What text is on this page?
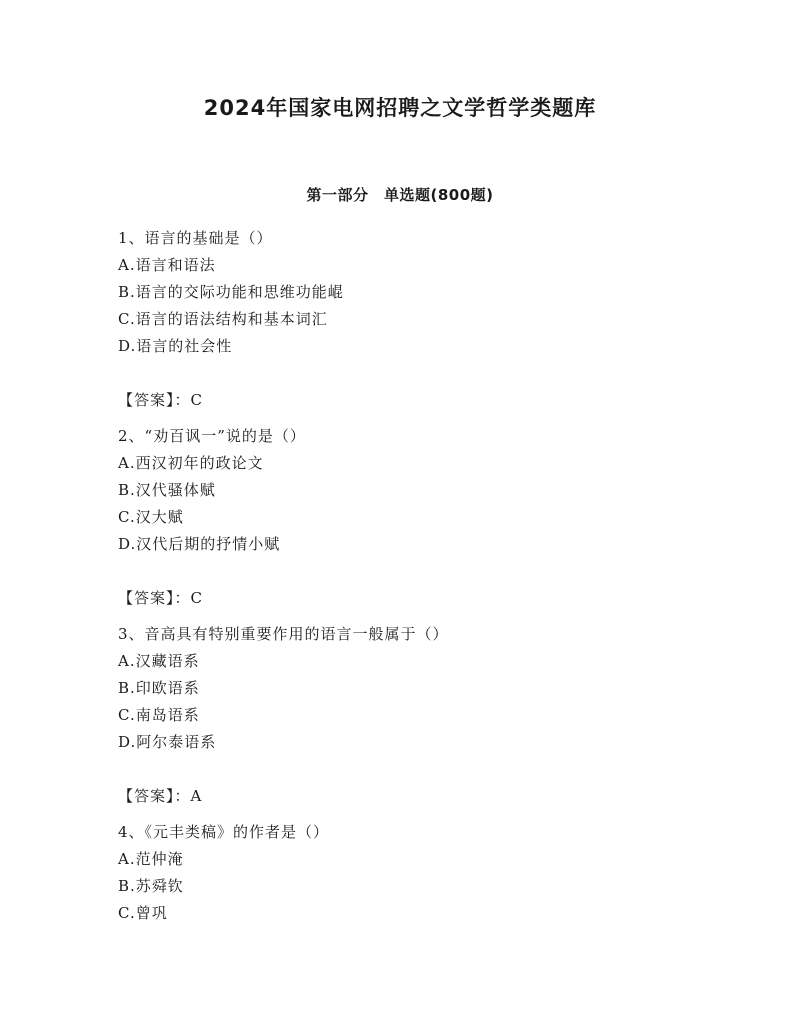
2024年国家电网招聘之文学哲学类题库
第一部分　单选题(800题)
1、语言的基础是（）
A.语言和语法
B.语言的交际功能和思维功能崐
C.语言的语法结构和基本词汇
D.语言的社会性
【答案】：C
2、“劝百讽一”说的是（）
A.西汉初年的政论文
B.汉代骚体赋
C.汉大赋
D.汉代后期的抒情小赋
【答案】：C
3、音高具有特别重要作用的语言一般属于（）
A.汉藏语系
B.印欧语系
C.南岛语系
D.阿尔泰语系
【答案】：A
4、《元丰类稿》的作者是（）
A.范仲淹
B.苏舜钦
C.曾巩
